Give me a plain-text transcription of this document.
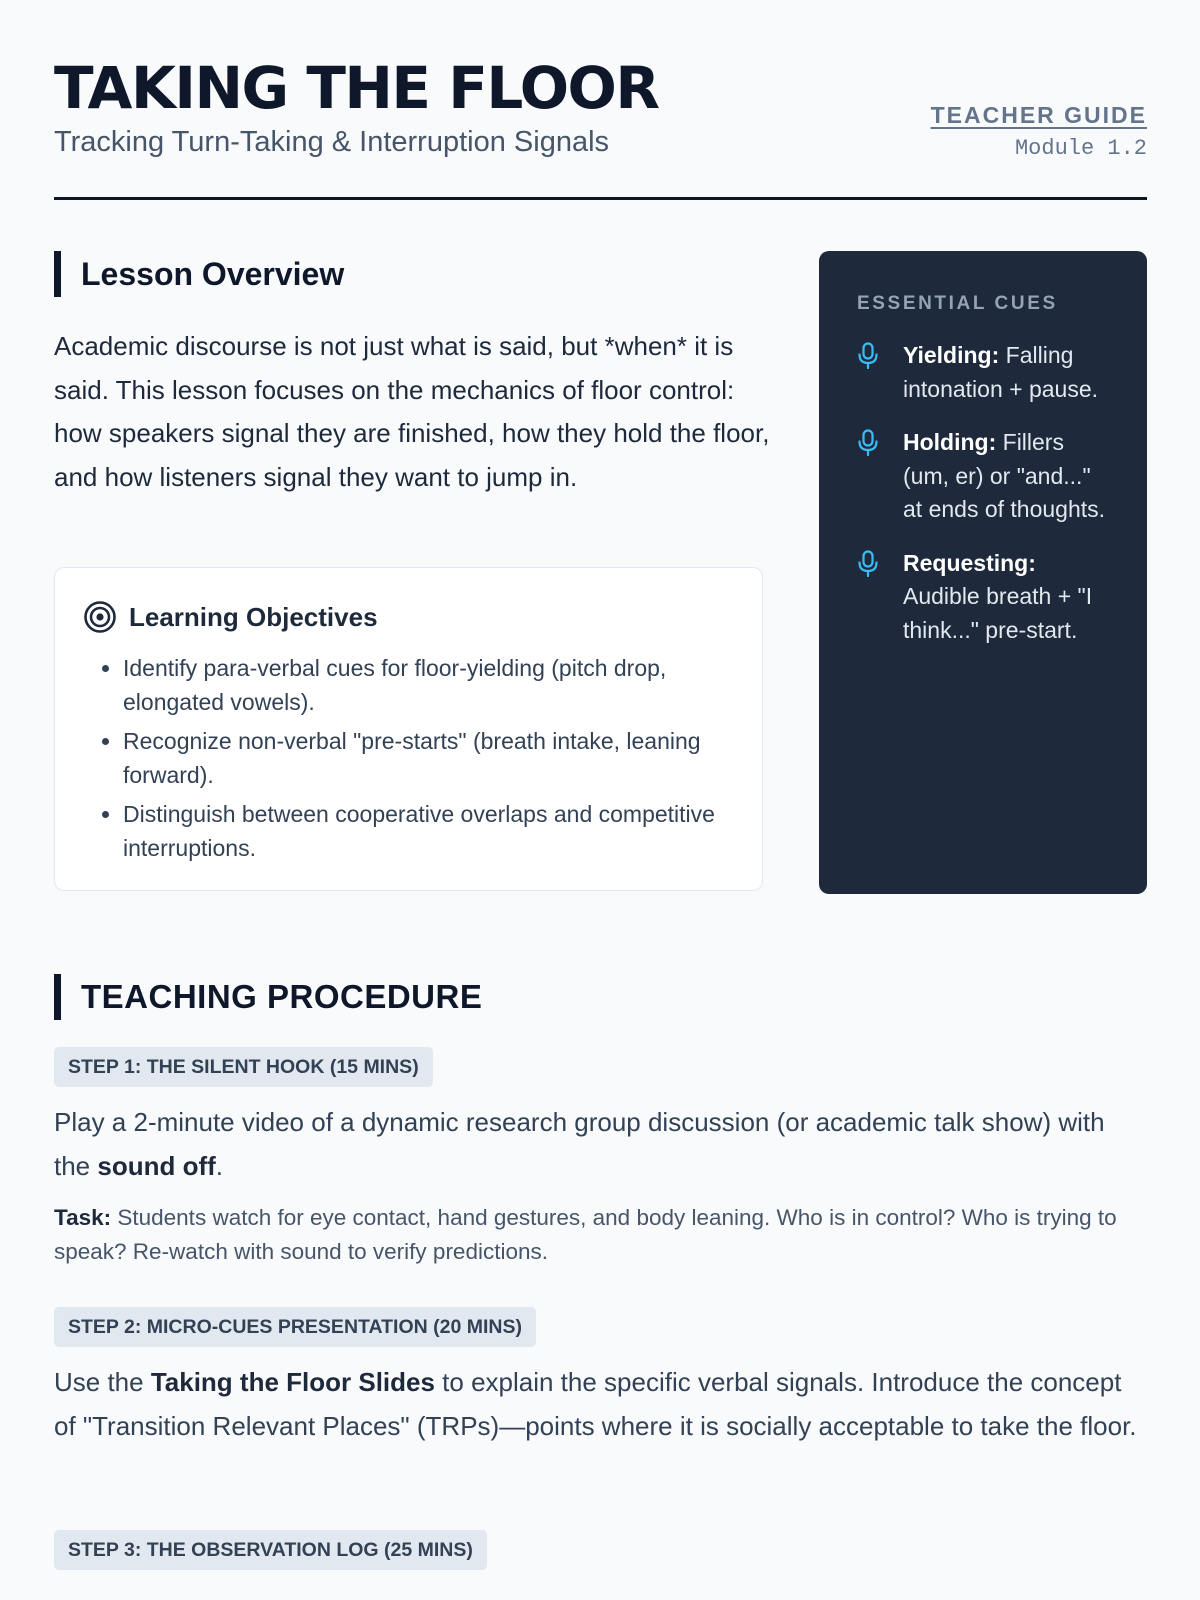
TAKING THE FLOOR
Tracking Turn-Taking & Interruption Signals
TEACHER GUIDE
Module 1.2
Lesson Overview

Academic discourse is not just what is said, but *when* it is said. This lesson focuses on the mechanics of floor control: how speakers signal they are finished, how they hold the floor, and how listeners signal they want to jump in.

Learning Objectives
• Identify para-verbal cues for floor-yielding (pitch drop, elongated vowels).
• Recognize non-verbal "pre-starts" (breath intake, leaning forward).
• Distinguish between cooperative overlaps and competitive interruptions.
ESSENTIAL CUES
Yielding: Falling intonation + pause.
Holding: Fillers (um, er) or "and..." at ends of thoughts.
Requesting: Audible breath + "I think..." pre-start.
TEACHING PROCEDURE
STEP 1: THE SILENT HOOK (15 MINS)

Play a 2-minute video of a dynamic research group discussion (or academic talk show) with the sound off.

Task: Students watch for eye contact, hand gestures, and body leaning. Who is in control? Who is trying to speak? Re-watch with sound to verify predictions.

STEP 2: MICRO-CUES PRESENTATION (20 MINS)

Use the Taking the Floor Slides to explain the specific verbal signals. Introduce the concept of "Transition Relevant Places" (TRPs)—points where it is socially acceptable to take the floor.

STEP 3: THE OBSERVATION LOG (25 MINS)
